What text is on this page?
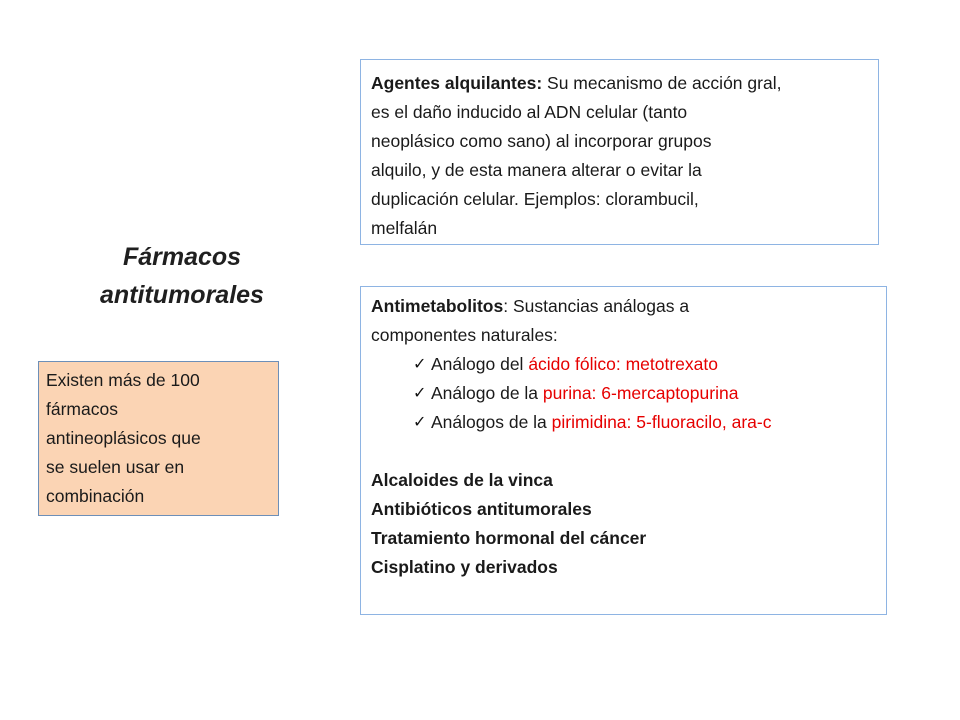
Fármacos
antitumorales
Agentes alquilantes: Su mecanismo de acción gral,
es el daño inducido al ADN celular (tanto
neoplásico como sano) al incorporar grupos
alquilo, y de esta manera alterar o evitar la
duplicación celular. Ejemplos: clorambucil,
melfalán
Antimetabolitos: Sustancias análogas a
componentes naturales:
✓ Análogo del ácido fólico: metotrexato
✓ Análogo de la purina: 6-mercaptopurina
✓ Análogos de la pirimidina: 5-fluoracilo, ara-c
Alcaloides de la vinca
Antibióticos antitumorales
Tratamiento hormonal del cáncer
Cisplatino y derivados
Existen más de 100
fármacos
antineoplásicos que
se suelen usar en
combinación
